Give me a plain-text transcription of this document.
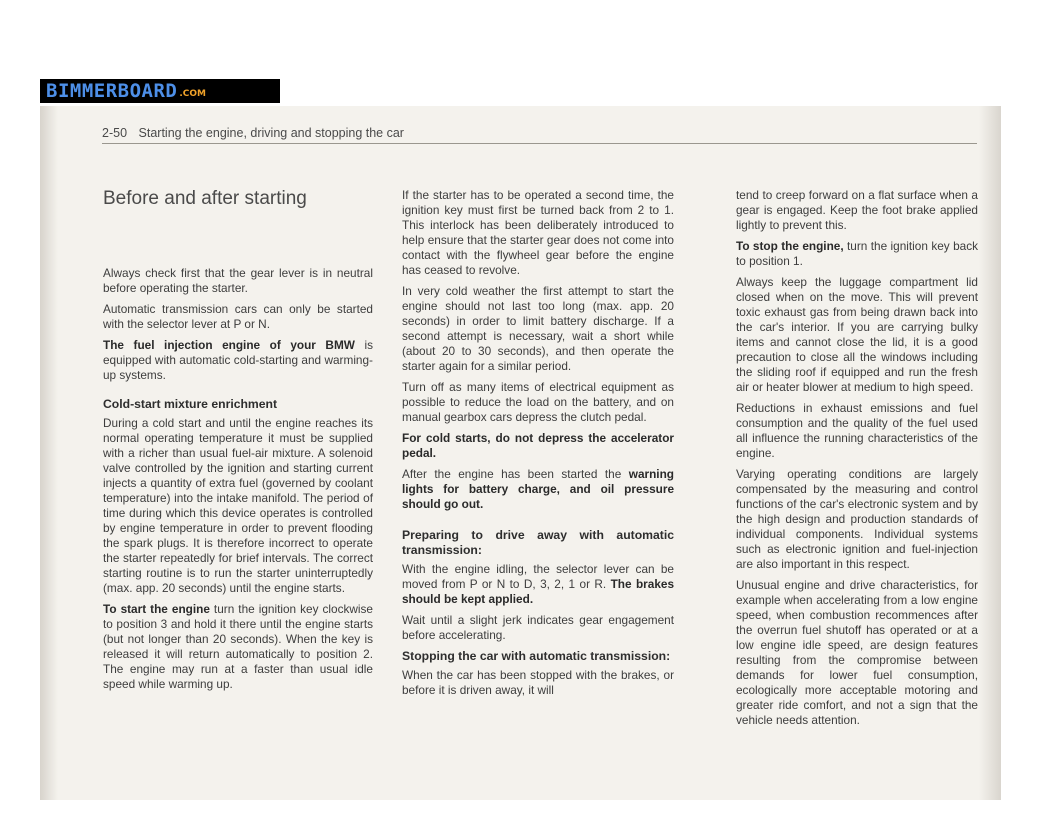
BIMMERBOARD .COM
2-50 Starting the engine, driving and stopping the car
Before and after starting

Always check first that the gear lever is in neutral before operating the starter.

Automatic transmission cars can only be started with the selector lever at P or N.

The fuel injection engine of your BMW is equipped with automatic cold-starting and warming-up systems.

Cold-start mixture enrichment

During a cold start and until the engine reaches its normal operating temperature it must be supplied with a richer than usual fuel-air mixture. A solenoid valve controlled by the ignition and starting current injects a quantity of extra fuel (governed by coolant temperature) into the intake manifold. The period of time during which this device operates is controlled by engine temperature in order to prevent flooding the spark plugs. It is therefore incorrect to operate the starter repeatedly for brief intervals. The correct starting routine is to run the starter uninterruptedly (max. app. 20 seconds) until the engine starts.

To start the engine turn the ignition key clockwise to position 3 and hold it there until the engine starts (but not longer than 20 seconds). When the key is released it will return automatically to position 2. The engine may run at a faster than usual idle speed while warming up.

If the starter has to be operated a second time, the ignition key must first be turned back from 2 to 1. This interlock has been deliberately introduced to help ensure that the starter gear does not come into contact with the flywheel gear before the engine has ceased to revolve.

In very cold weather the first attempt to start the engine should not last too long (max. app. 20 seconds) in order to limit battery discharge. If a second attempt is necessary, wait a short while (about 20 to 30 seconds), and then operate the starter again for a similar period.

Turn off as many items of electrical equipment as possible to reduce the load on the battery, and on manual gearbox cars depress the clutch pedal.

For cold starts, do not depress the accelerator pedal.

After the engine has been started the warning lights for battery charge, and oil pressure should go out.

Preparing to drive away with automatic transmission:

With the engine idling, the selector lever can be moved from P or N to D, 3, 2, 1 or R. The brakes should be kept applied.

Wait until a slight jerk indicates gear engagement before accelerating.

Stopping the car with automatic transmission:

When the car has been stopped with the brakes, or before it is driven away, it will

tend to creep forward on a flat surface when a gear is engaged. Keep the foot brake applied lightly to prevent this.

To stop the engine, turn the ignition key back to position 1.

Always keep the luggage compartment lid closed when on the move. This will prevent toxic exhaust gas from being drawn back into the car's interior. If you are carrying bulky items and cannot close the lid, it is a good precaution to close all the windows including the sliding roof if equipped and run the fresh air or heater blower at medium to high speed.

Reductions in exhaust emissions and fuel consumption and the quality of the fuel used all influence the running characteristics of the engine.

Varying operating conditions are largely compensated by the measuring and control functions of the car's electronic system and by the high design and production standards of individual components. Individual systems such as electronic ignition and fuel-injection are also important in this respect.

Unusual engine and drive characteristics, for example when accelerating from a low engine speed, when combustion recommences after the overrun fuel shutoff has operated or at a low engine idle speed, are design features resulting from the compromise between demands for lower fuel consumption, ecologically more acceptable motoring and greater ride comfort, and not a sign that the vehicle needs attention.
